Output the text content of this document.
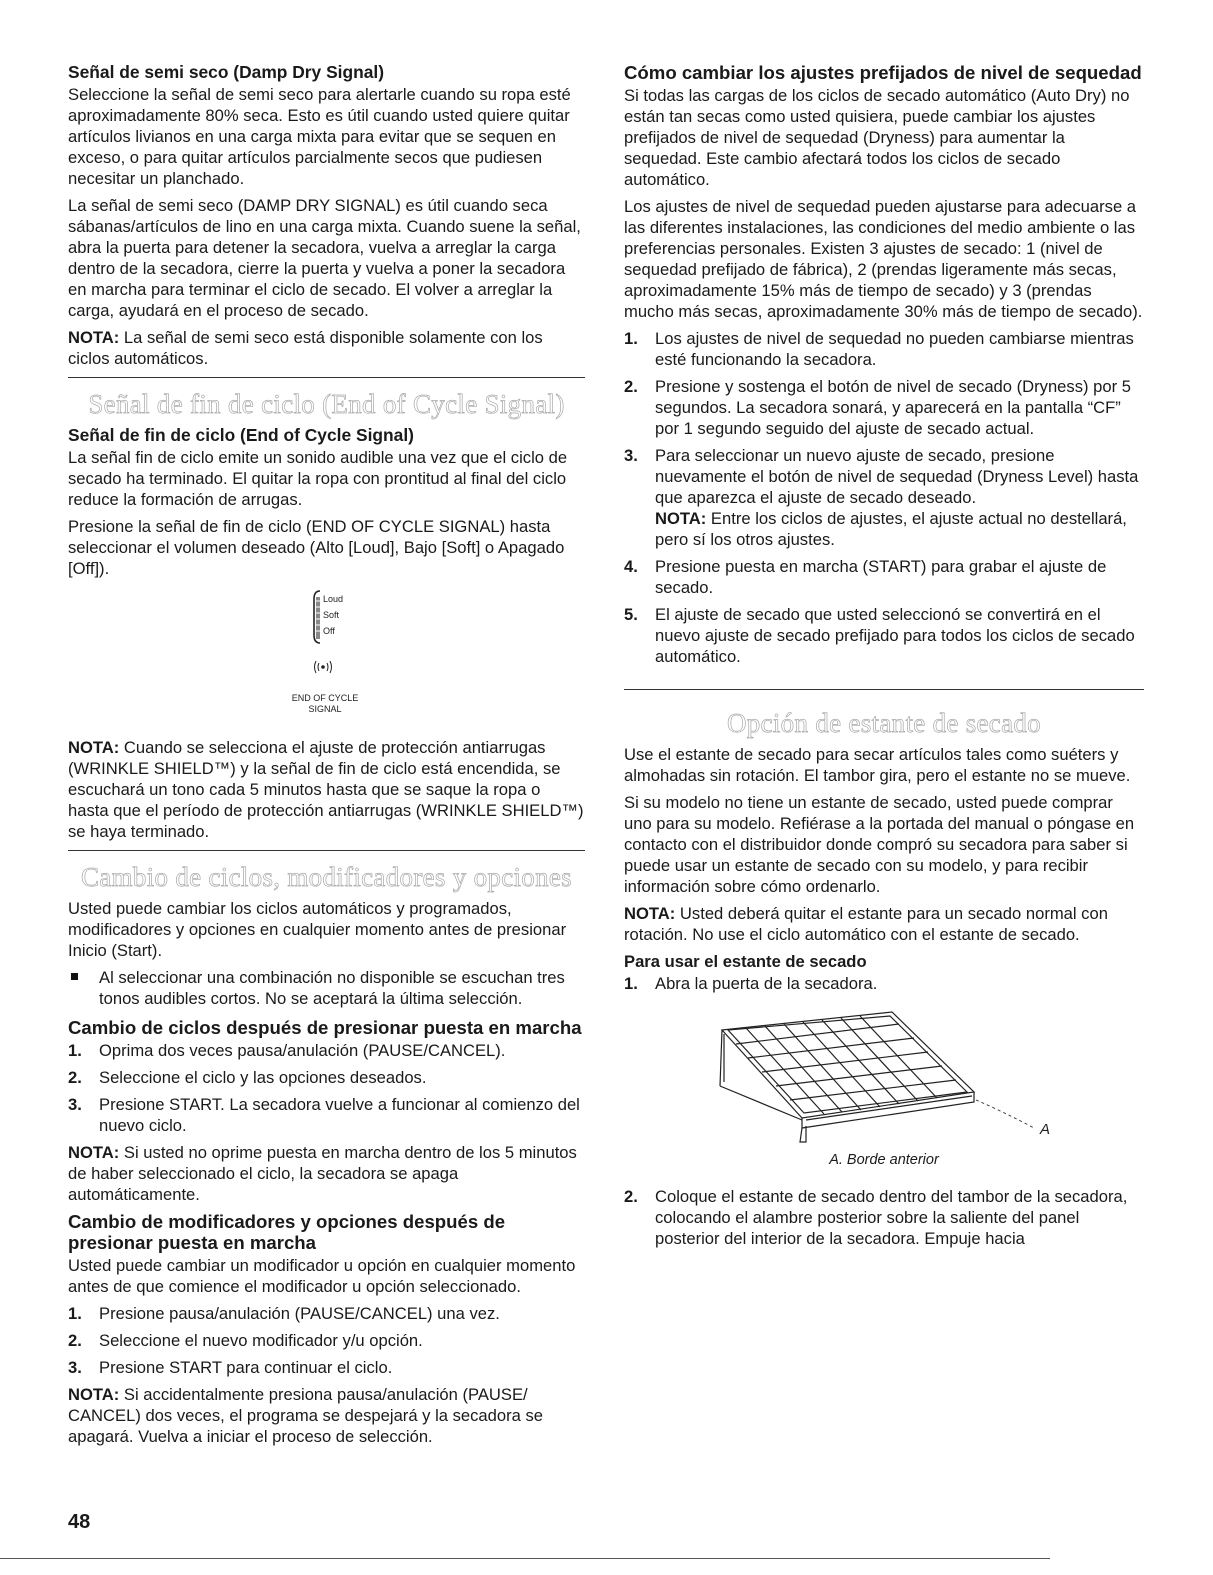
Señal de semi seco (Damp Dry Signal)

Seleccione la señal de semi seco para alertarle cuando su ropa esté aproximadamente 80% seca. Esto es útil cuando usted quiere quitar artículos livianos en una carga mixta para evitar que se sequen en exceso, o para quitar artículos parcialmente secos que pudiesen necesitar un planchado.

La señal de semi seco (DAMP DRY SIGNAL) es útil cuando seca sábanas/artículos de lino en una carga mixta. Cuando suene la señal, abra la puerta para detener la secadora, vuelva a arreglar la carga dentro de la secadora, cierre la puerta y vuelva a poner la secadora en marcha para terminar el ciclo de secado. El volver a arreglar la carga, ayudará en el proceso de secado.

NOTA: La señal de semi seco está disponible solamente con los ciclos automáticos.

Señal de fin de ciclo (End of Cycle Signal)
Señal de fin de ciclo (End of Cycle Signal)

La señal fin de ciclo emite un sonido audible una vez que el ciclo de secado ha terminado. El quitar la ropa con prontitud al final del ciclo reduce la formación de arrugas.

Presione la señal de fin de ciclo (END OF CYCLE SIGNAL) hasta seleccionar el volumen deseado (Alto [Loud], Bajo [Soft] o Apagado [Off]).

Loud
Soft
Off
END OF CYCLE
SIGNAL

NOTA: Cuando se selecciona el ajuste de protección antiarrugas (WRINKLE SHIELD™) y la señal de fin de ciclo está encendida, se escuchará un tono cada 5 minutos hasta que se saque la ropa o hasta que el período de protección antiarrugas (WRINKLE SHIELD™) se haya terminado.

Cambio de ciclos, modificadores y opciones

Usted puede cambiar los ciclos automáticos y programados, modificadores y opciones en cualquier momento antes de presionar Inicio (Start).

Al seleccionar una combinación no disponible se escuchan tres tonos audibles cortos. No se aceptará la última selección.
Cambio de ciclos después de presionar puesta en marcha
1. Oprima dos veces pausa/anulación (PAUSE/CANCEL).
2. Seleccione el ciclo y las opciones deseados.
3. Presione START. La secadora vuelve a funcionar al comienzo del nuevo ciclo.

NOTA: Si usted no oprime puesta en marcha dentro de los 5 minutos de haber seleccionado el ciclo, la secadora se apaga automáticamente.

Cambio de modificadores y opciones después de presionar puesta en marcha

Usted puede cambiar un modificador u opción en cualquier momento antes de que comience el modificador u opción seleccionado.

1. Presione pausa/anulación (PAUSE/CANCEL) una vez.
2. Seleccione el nuevo modificador y/u opción.
3. Presione START para continuar el ciclo.

NOTA: Si accidentalmente presiona pausa/anulación (PAUSE/ CANCEL) dos veces, el programa se despejará y la secadora se apagará. Vuelva a iniciar el proceso de selección.

Cómo cambiar los ajustes prefijados de nivel de sequedad

Si todas las cargas de los ciclos de secado automático (Auto Dry) no están tan secas como usted quisiera, puede cambiar los ajustes prefijados de nivel de sequedad (Dryness) para aumentar la sequedad. Este cambio afectará todos los ciclos de secado automático.

Los ajustes de nivel de sequedad pueden ajustarse para adecuarse a las diferentes instalaciones, las condiciones del medio ambiente o las preferencias personales. Existen 3 ajustes de secado: 1 (nivel de sequedad prefijado de fábrica), 2 (prendas ligeramente más secas, aproximadamente 15% más de tiempo de secado) y 3 (prendas mucho más secas, aproximadamente 30% más de tiempo de secado).

1. Los ajustes de nivel de sequedad no pueden cambiarse mientras esté funcionando la secadora.
2. Presione y sostenga el botón de nivel de secado (Dryness) por 5 segundos. La secadora sonará, y aparecerá en la pantalla “CF” por 1 segundo seguido del ajuste de secado actual.
3. Para seleccionar un nuevo ajuste de secado, presione nuevamente el botón de nivel de sequedad (Dryness Level) hasta que aparezca el ajuste de secado deseado.
NOTA: Entre los ciclos de ajustes, el ajuste actual no destellará, pero sí los otros ajustes.
4. Presione puesta en marcha (START) para grabar el ajuste de secado.
5. El ajuste de secado que usted seleccionó se convertirá en el nuevo ajuste de secado prefijado para todos los ciclos de secado automático.
Opción de estante de secado

Use el estante de secado para secar artículos tales como suéters y almohadas sin rotación. El tambor gira, pero el estante no se mueve.

Si su modelo no tiene un estante de secado, usted puede comprar uno para su modelo. Refiérase a la portada del manual o póngase en contacto con el distribuidor donde compró su secadora para saber si puede usar un estante de secado con su modelo, y para recibir información sobre cómo ordenarlo.

NOTA: Usted deberá quitar el estante para un secado normal con rotación. No use el ciclo automático con el estante de secado.

Para usar el estante de secado
1. Abra la puerta de la secadora.
A
A. Borde anterior
2. Coloque el estante de secado dentro del tambor de la secadora, colocando el alambre posterior sobre la saliente del panel posterior del interior de la secadora. Empuje hacia
48
